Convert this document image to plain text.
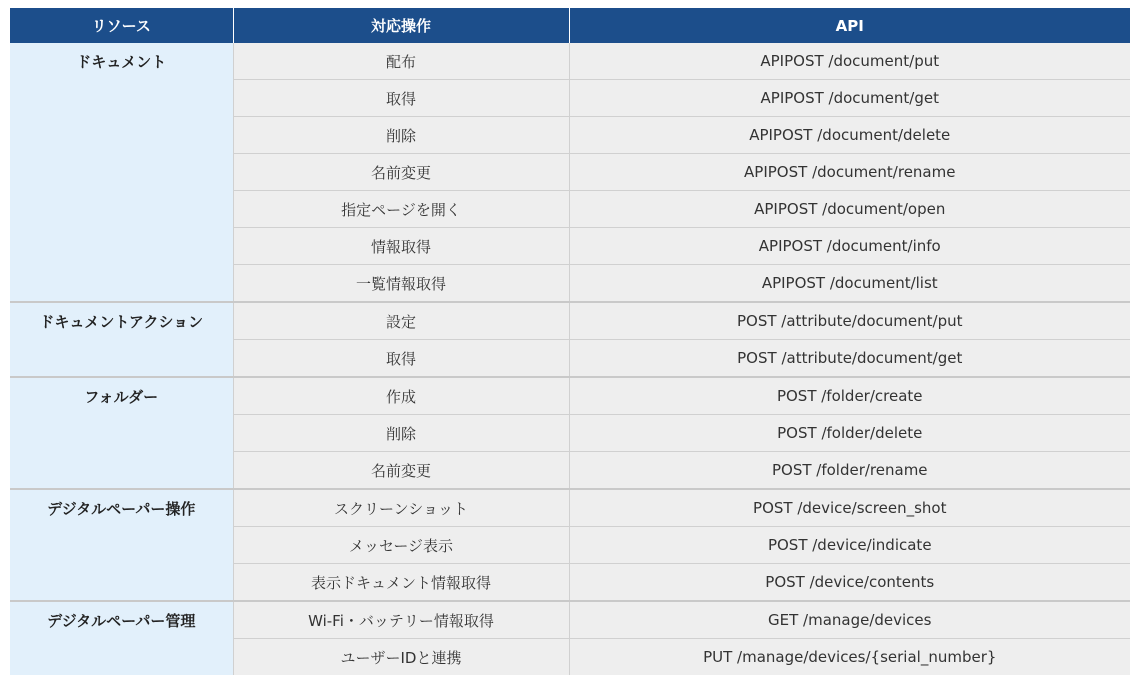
リソース	対応操作	API
ドキュメント	配布	APIPOST /document/put
	取得	APIPOST /document/get
	削除	APIPOST /document/delete
	名前変更	APIPOST /document/rename
	指定ページを開く	APIPOST /document/open
	情報取得	APIPOST /document/info
	一覧情報取得	APIPOST /document/list
ドキュメントアクション	設定	POST /attribute/document/put
	取得	POST /attribute/document/get
フォルダー	作成	POST /folder/create
	削除	POST /folder/delete
	名前変更	POST /folder/rename
デジタルペーパー操作	スクリーンショット	POST /device/screen_shot
	メッセージ表示	POST /device/indicate
	表示ドキュメント情報取得	POST /device/contents
デジタルペーパー管理	Wi-Fi・バッテリー情報取得	GET /manage/devices
	ユーザーIDと連携	PUT /manage/devices/{serial_number}
